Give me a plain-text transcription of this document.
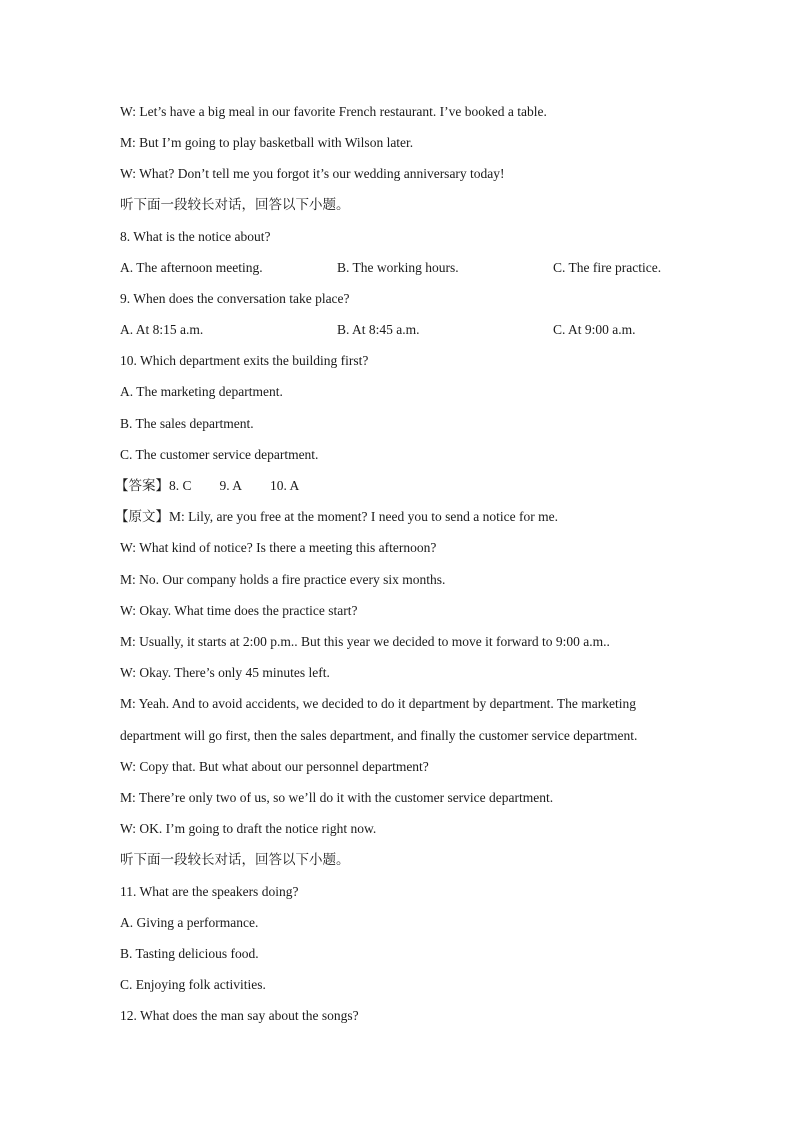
W: Let’s have a big meal in our favorite French restaurant. I’ve booked a table.
M: But I’m going to play basketball with Wilson later.
W: What? Don’t tell me you forgot it’s our wedding anniversary today!
听下面一段较长对话，回答以下小题。
8. What is the notice about?
A. The afternoon meeting.	B. The working hours.	C. The fire practice.
9. When does the conversation take place?
A. At 8:15 a.m.	B. At 8:45 a.m.	C. At 9:00 a.m.
10. Which department exits the building first?
A. The marketing department.
B. The sales department.
C. The customer service department.
【答案】8. C 9. A 10. A
【原文】M: Lily, are you free at the moment? I need you to send a notice for me.
W: What kind of notice? Is there a meeting this afternoon?
M: No. Our company holds a fire practice every six months.
W: Okay. What time does the practice start?
M: Usually, it starts at 2:00 p.m.. But this year we decided to move it forward to 9:00 a.m..
W: Okay. There’s only 45 minutes left.
M: Yeah. And to avoid accidents, we decided to do it department by department. The marketing
department will go first, then the sales department, and finally the customer service department.
W: Copy that. But what about our personnel department?
M: There’re only two of us, so we’ll do it with the customer service department.
W: OK. I’m going to draft the notice right now.
听下面一段较长对话，回答以下小题。
11. What are the speakers doing?
A. Giving a performance.
B. Tasting delicious food.
C. Enjoying folk activities.
12. What does the man say about the songs?
